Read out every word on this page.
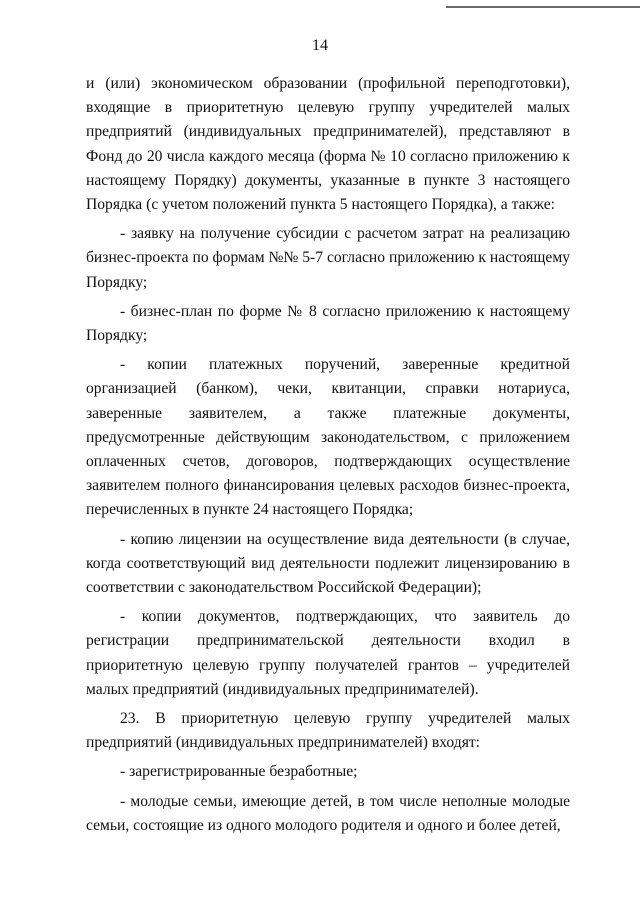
14

и (или) экономическом образовании (профильной переподготовки), входящие в приоритетную целевую группу учредителей малых предприятий (индивидуальных предпринимателей), представляют в Фонд до 20 числа каждого месяца (форма № 10 согласно приложению к настоящему Порядку) документы, указанные в пункте 3 настоящего Порядка (с учетом положений пункта 5 настоящего Порядка), а также:

- заявку на получение субсидии с расчетом затрат на реализацию бизнес-проекта по формам №№ 5-7 согласно приложению к настоящему Порядку;

- бизнес-план по форме № 8 согласно приложению к настоящему Порядку;

- копии платежных поручений, заверенные кредитной организацией (банком), чеки, квитанции, справки нотариуса, заверенные заявителем, а также платежные документы, предусмотренные действующим законодательством, с приложением оплаченных счетов, договоров, подтверждающих осуществление заявителем полного финансирования целевых расходов бизнес-проекта, перечисленных в пункте 24 настоящего Порядка;

- копию лицензии на осуществление вида деятельности (в случае, когда соответствующий вид деятельности подлежит лицензированию в соответствии с законодательством Российской Федерации);

- копии документов, подтверждающих, что заявитель до регистрации предпринимательской деятельности входил в приоритетную целевую группу получателей грантов – учредителей малых предприятий (индивидуальных предпринимателей).

23. В приоритетную целевую группу учредителей малых предприятий (индивидуальных предпринимателей) входят:

- зарегистрированные безработные;

- молодые семьи, имеющие детей, в том числе неполные молодые семьи, состоящие из одного молодого родителя и одного и более детей,
